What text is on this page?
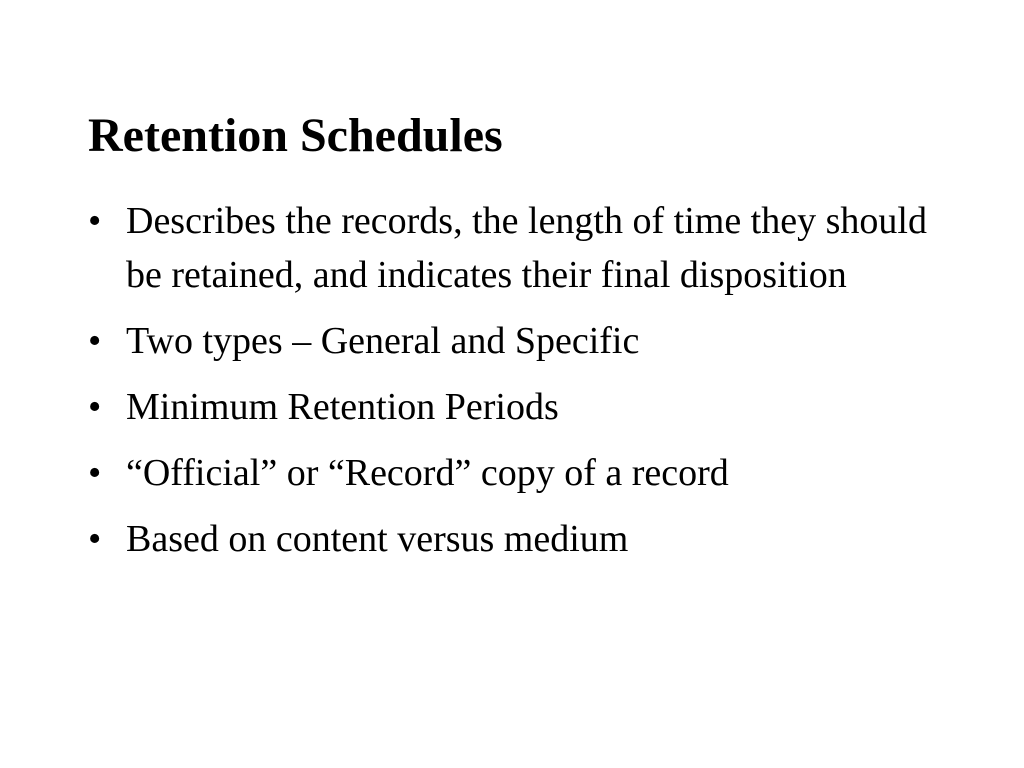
Retention Schedules
• Describes the records, the length of time they should be retained, and indicates their final disposition
• Two types – General and Specific
• Minimum Retention Periods
• “Official” or “Record” copy of a record
• Based on content versus medium
